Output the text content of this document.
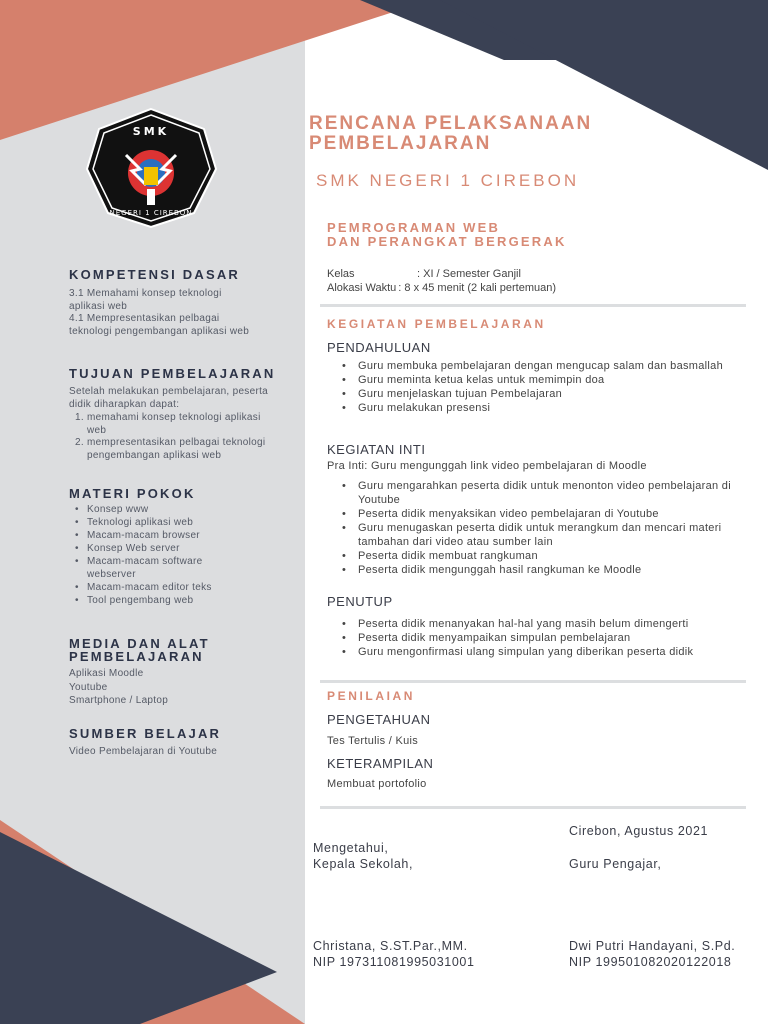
SMK
NEGERI 1 CIREBON
KOMPETENSI DASAR
3.1 Memahami konsep teknologi
aplikasi web
4.1 Mempresentasikan pelbagai
teknologi pengembangan aplikasi web
TUJUAN PEMBELAJARAN
Setelah melakukan pembelajaran, peserta
didik diharapkan dapat:
1. memahami konsep teknologi aplikasi
web
2. mempresentasikan pelbagai teknologi
pengembangan aplikasi web
MATERI POKOK
• Konsep www
• Teknologi aplikasi web
• Macam-macam browser
• Konsep Web server
• Macam-macam software
webserver
• Macam-macam editor teks
• Tool pengembang web
MEDIA DAN ALAT
PEMBELAJARAN
Aplikasi Moodle
Youtube
Smartphone / Laptop
SUMBER BELAJAR
Video Pembelajaran di Youtube
RENCANA PELAKSANAAN
PEMBELAJARAN
SMK NEGERI 1 CIREBON
PEMROGRAMAN WEB
DAN PERANGKAT BERGERAK
Kelas	: XI / Semester Ganjil
Alokasi Waktu : 8 x 45 menit (2 kali pertemuan)
KEGIATAN PEMBELAJARAN
PENDAHULUAN
• Guru membuka pembelajaran dengan mengucap salam dan basmallah
• Guru meminta ketua kelas untuk memimpin doa
• Guru menjelaskan tujuan Pembelajaran
• Guru melakukan presensi
KEGIATAN INTI
Pra Inti: Guru mengunggah link video pembelajaran di Moodle
• Guru mengarahkan peserta didik untuk menonton video pembelajaran di Youtube
• Peserta didik menyaksikan video pembelajaran di Youtube
• Guru menugaskan peserta didik untuk merangkum dan mencari materi tambahan dari video atau sumber lain
• Peserta didik membuat rangkuman
• Peserta didik mengunggah hasil rangkuman ke Moodle
PENUTUP
• Peserta didik menanyakan hal-hal yang masih belum dimengerti
• Peserta didik menyampaikan simpulan pembelajaran
• Guru mengonfirmasi ulang simpulan yang diberikan peserta didik
PENILAIAN
PENGETAHUAN
Tes Tertulis / Kuis
KETERAMPILAN
Membuat portofolio
Mengetahui,
Kepala Sekolah,
Christana, S.ST.Par.,MM.
NIP 197311081995031001
Cirebon, Agustus 2021
Guru Pengajar,
Dwi Putri Handayani, S.Pd.
NIP 199501082020122018
